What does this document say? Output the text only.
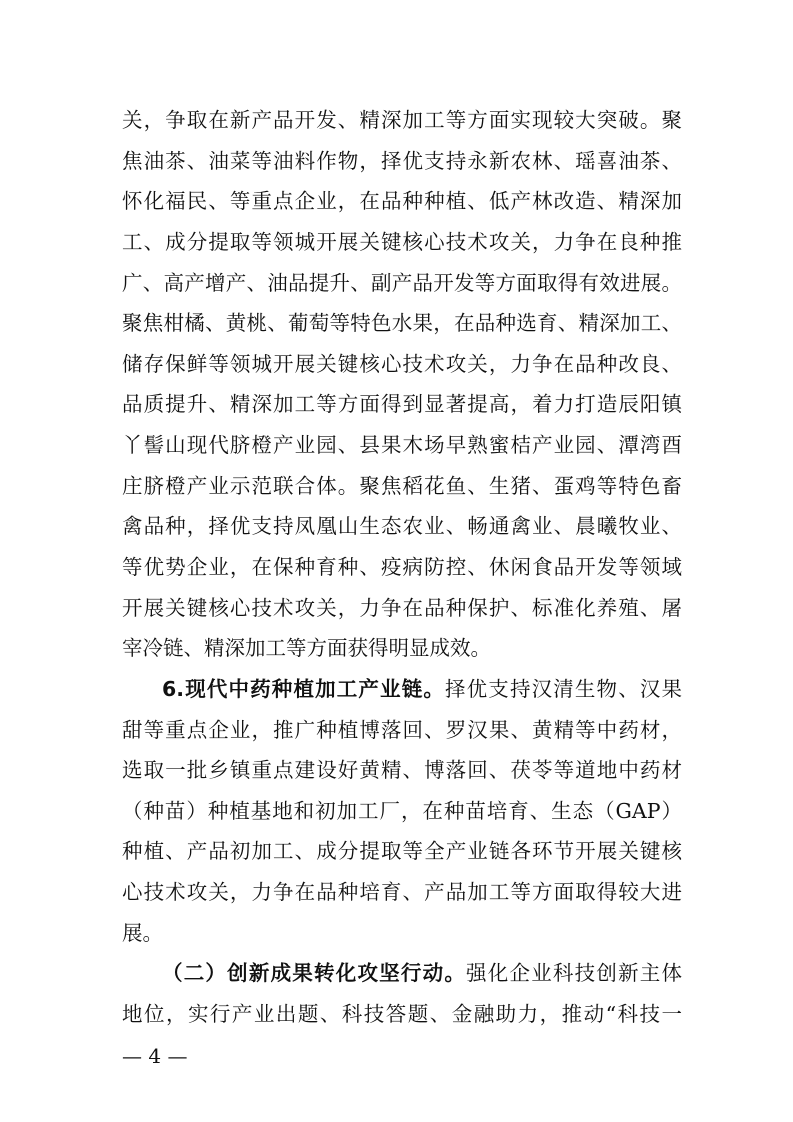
关，争取在新产品开发、精深加工等方面实现较大突破。聚
焦油茶、油菜等油料作物，择优支持永新农林、瑶喜油茶、
怀化福民、等重点企业，在品种种植、低产林改造、精深加
工、成分提取等领城开展关键核心技术攻关，力争在良种推
广、高产增产、油品提升、副产品开发等方面取得有效进展。
聚焦柑橘、黄桃、葡萄等特色水果，在品种选育、精深加工、
储存保鲜等领城开展关键核心技术攻关，力争在品种改良、
品质提升、精深加工等方面得到显著提高，着力打造辰阳镇
丫髻山现代脐橙产业园、县果木场早熟蜜桔产业园、潭湾酉
庄脐橙产业示范联合体。聚焦稻花鱼、生猪、蛋鸡等特色畜
禽品种，择优支持凤凰山生态农业、畅通禽业、晨曦牧业、
等优势企业，在保种育种、疫病防控、休闲食品开发等领域
开展关键核心技术攻关，力争在品种保护、标准化养殖、屠
宰冷链、精深加工等方面获得明显成效。
6.现代中药种植加工产业链。择优支持汉清生物、汉果
甜等重点企业，推广种植博落回、罗汉果、黄精等中药材，
选取一批乡镇重点建设好黄精、博落回、茯苓等道地中药材
（种苗）种植基地和初加工厂，在种苗培育、生态（GAP）
种植、产品初加工、成分提取等全产业链各环节开展关键核
心技术攻关，力争在品种培育、产品加工等方面取得较大进
展。
（二）创新成果转化攻坚行动。强化企业科技创新主体
地位，实行产业出题、科技答题、金融助力，推动“科技一
— 4 —
